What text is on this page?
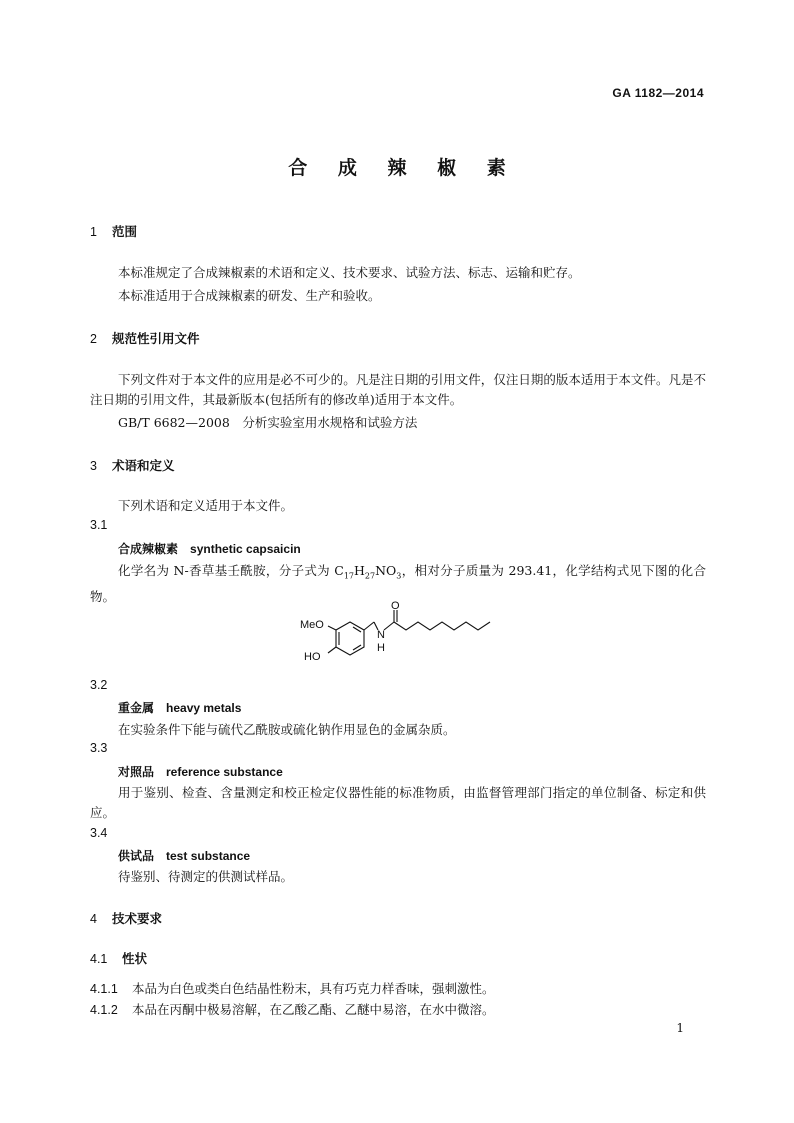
GA 1182—2014
合 成 辣 椒 素
1 范围
本标准规定了合成辣椒素的术语和定义、技术要求、试验方法、标志、运输和贮存。
本标准适用于合成辣椒素的研发、生产和验收。
2 规范性引用文件
下列文件对于本文件的应用是必不可少的。凡是注日期的引用文件，仅注日期的版本适用于本文件。凡是不注日期的引用文件，其最新版本(包括所有的修改单)适用于本文件。
GB/T 6682—2008　分析实验室用水规格和试验方法
3 术语和定义
下列术语和定义适用于本文件。
3.1
合成辣椒素 synthetic capsaicin
化学名为 N-香草基壬酰胺，分子式为 $C_{17}H_{27}NO_3$，相对分子质量为 293.41，化学结构式见下图的化合物。
O
MeO
HO
N
H
3.2
重金属 heavy metals
在实验条件下能与硫代乙酰胺或硫化钠作用显色的金属杂质。
3.3
对照品 reference substance
用于鉴别、检查、含量测定和校正检定仪器性能的标准物质，由监督管理部门指定的单位制备、标定和供应。
3.4
供试品 test substance
待鉴别、待测定的供测试样品。
4 技术要求
4.1 性状
4.1.1 本品为白色或类白色结晶性粉末，具有巧克力样香味，强刺激性。
4.1.2 本品在丙酮中极易溶解，在乙酸乙酯、乙醚中易溶，在水中微溶。
1
